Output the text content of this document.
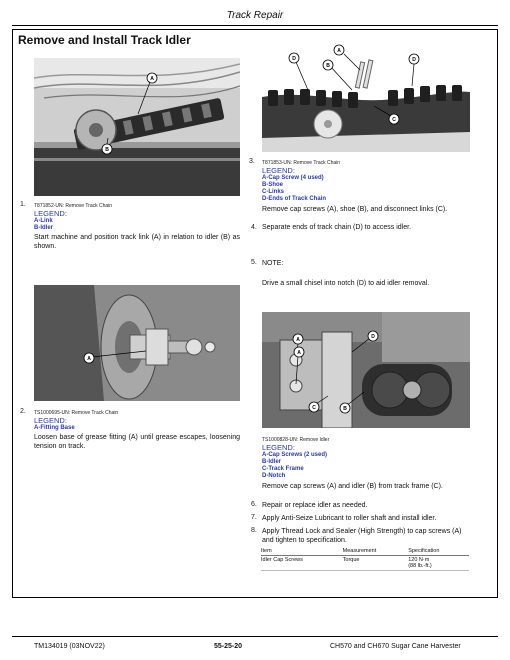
Track Repair
Remove and Install Track Idler
A
B
1. T871852-UN: Remove Track Chain
LEGEND:
A-Link
B-Idler
Start machine and position track link (A) in relation to idler (B) as shown.
A
2. TS1000695-UN: Remove Track Chain
LEGEND:
A-Fitting Base
Loosen base of grease fitting (A) until grease escapes, loosening tension on track.
A
D
B
D
C
3. T871853-UN: Remove Track Chain
LEGEND:
A-Cap Screw (4 used)
B-Shoe
C-Links
D-Ends of Track Chain
Remove cap screws (A), shoe (B), and disconnect links (C).
4. Separate ends of track chain (D) to access idler.
5. NOTE:
Drive a small chisel into notch (D) to aid idler removal.
A
A
D
C	B
TS1000828-UN: Remove Idler
LEGEND:
A-Cap Screws (2 used)
B-Idler
C-Track Frame
D-Notch
Remove cap screws (A) and idler (B) from track frame (C).
6. Repair or replace idler as needed.
7. Apply Anti-Seize Lubricant to roller shaft and install idler.
8. Apply Thread Lock and Sealer (High Strength) to cap screws (A) and tighten to specification.
Item	Measurement	Specification
Idler Cap Screws	Torque	120 N·m
(88 lb.-ft.)
TM134019 (03NOV22)	55-25-20	CH570 and CH670 Sugar Cane Harvester
